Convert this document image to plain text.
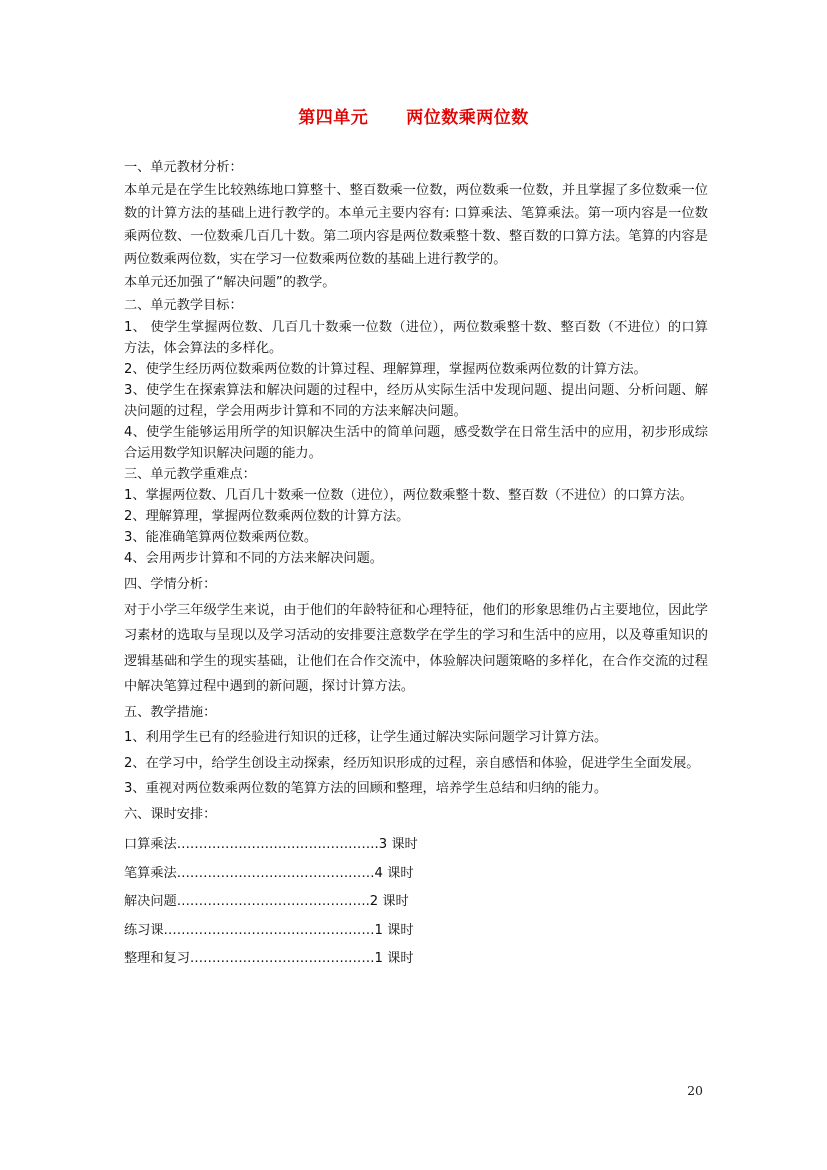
第四单元 两位数乘两位数

一、单元教材分析：

本单元是在学生比较熟练地口算整十、整百数乘一位数，两位数乘一位数，并且掌握了多位数乘一位数的计算方法的基础上进行教学的。本单元主要内容有: 口算乘法、笔算乘法。第一项内容是一位数乘两位数、一位数乘几百几十数。第二项内容是两位数乘整十数、整百数的口算方法。笔算的内容是两位数乘两位数，实在学习一位数乘两位数的基础上进行教学的。

本单元还加强了“解决问题”的教学。

二、单元教学目标：

1、 使学生掌握两位数、几百几十数乘一位数（进位），两位数乘整十数、整百数（不进位）的口算方法，体会算法的多样化。

2、使学生经历两位数乘两位数的计算过程、理解算理，掌握两位数乘两位数的计算方法。

3、使学生在探索算法和解决问题的过程中，经历从实际生活中发现问题、提出问题、分析问题、解决问题的过程，学会用两步计算和不同的方法来解决问题。

4、使学生能够运用所学的知识解决生活中的简单问题，感受数学在日常生活中的应用，初步形成综合运用数学知识解决问题的能力。

三、单元教学重难点：

1、掌握两位数、几百几十数乘一位数（进位），两位数乘整十数、整百数（不进位）的口算方法。

2、理解算理，掌握两位数乘两位数的计算方法。

3、能准确笔算两位数乘两位数。

4、会用两步计算和不同的方法来解决问题。

四、学情分析：

对于小学三年级学生来说，由于他们的年龄特征和心理特征，他们的形象思维仍占主要地位，因此学习素材的选取与呈现以及学习活动的安排要注意数学在学生的学习和生活中的应用，以及尊重知识的逻辑基础和学生的现实基础，让他们在合作交流中，体验解决问题策略的多样化，在合作交流的过程中解决笔算过程中遇到的新问题，探讨计算方法。

五、教学措施：

1、利用学生已有的经验进行知识的迁移，让学生通过解决实际问题学习计算方法。

2、在学习中，给学生创设主动探索，经历知识形成的过程，亲自感悟和体验，促进学生全面发展。

3、重视对两位数乘两位数的笔算方法的回顾和整理，培养学生总结和归纳的能力。

六、课时安排：

口算乘法……………………………………….3 课时
笔算乘法………………………………………4 课时
解决问题……………………………………..2 课时
练习课…………………………………………1 课时
整理和复习……………………………………1 课时
20
